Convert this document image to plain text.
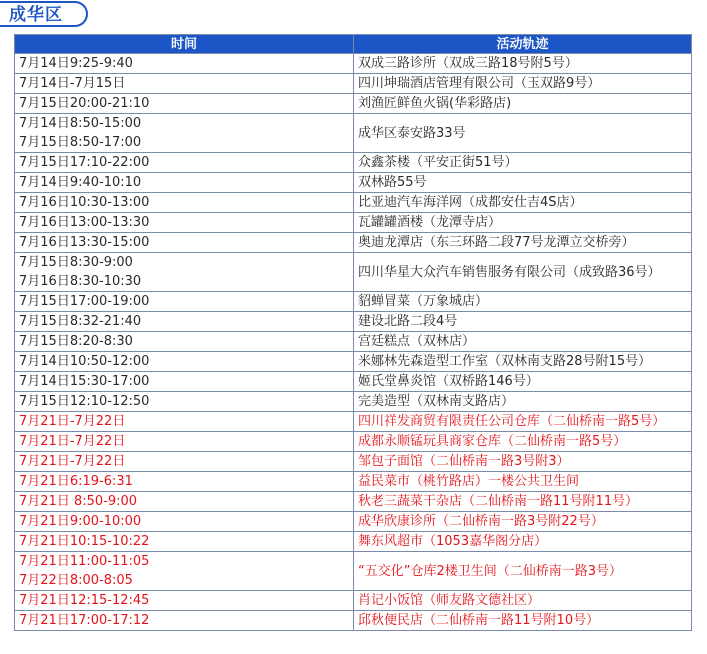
成华区
时间	活动轨迹
7月14日9:25-9:40	双成三路诊所（双成三路18号附5号）
7月14日-7月15日	四川坤瑞酒店管理有限公司（玉双路9号）
7月15日20:00-21:10	刘渔匠鲜鱼火锅(华彩路店)
7月14日8:50-15:00
7月15日8:50-17:00	成华区泰安路33号
7月15日17:10-22:00	众鑫茶楼（平安正街51号）
7月14日9:40-10:10	双林路55号
7月16日10:30-13:00	比亚迪汽车海洋网（成都安仕吉4S店）
7月16日13:00-13:30	瓦罐罐酒楼（龙潭寺店）
7月16日13:30-15:00	奥迪龙潭店（东三环路二段77号龙潭立交桥旁）
7月15日8:30-9:00
7月16日8:30-10:30	四川华星大众汽车销售服务有限公司（成致路36号）
7月15日17:00-19:00	貂蝉冒菜（万象城店）
7月15日8:32-21:40	建设北路二段4号
7月15日8:20-8:30	宫廷糕点（双林店）
7月14日10:50-12:00	米娜林先森造型工作室（双林南支路28号附15号）
7月14日15:30-17:00	姬氏堂鼻炎馆（双桥路146号）
7月15日12:10-12:50	完美造型（双林南支路店）
7月21日-7月22日	四川祥发商贸有限责任公司仓库（二仙桥南一路5号）
7月21日-7月22日	成都永顺锰玩具商家仓库（二仙桥南一路5号）
7月21日-7月22日	邹包子面馆（二仙桥南一路3号附3）
7月21日6:19-6:31	益民菜市（桃竹路店）一楼公共卫生间
7月21日 8:50-9:00	秋老三蔬菜干杂店（二仙桥南一路11号附11号）
7月21日9:00-10:00	成华欣康诊所（二仙桥南一路3号附22号）
7月21日10:15-10:22	舞东风超市（1053嘉华阁分店）
7月21日11:00-11:05
7月22日8:00-8:05	“五交化”仓库2楼卫生间（二仙桥南一路3号）
7月21日12:15-12:45	肖记小饭馆（师友路文德社区）
7月21日17:00-17:12	邱秋便民店（二仙桥南一路11号附10号）
